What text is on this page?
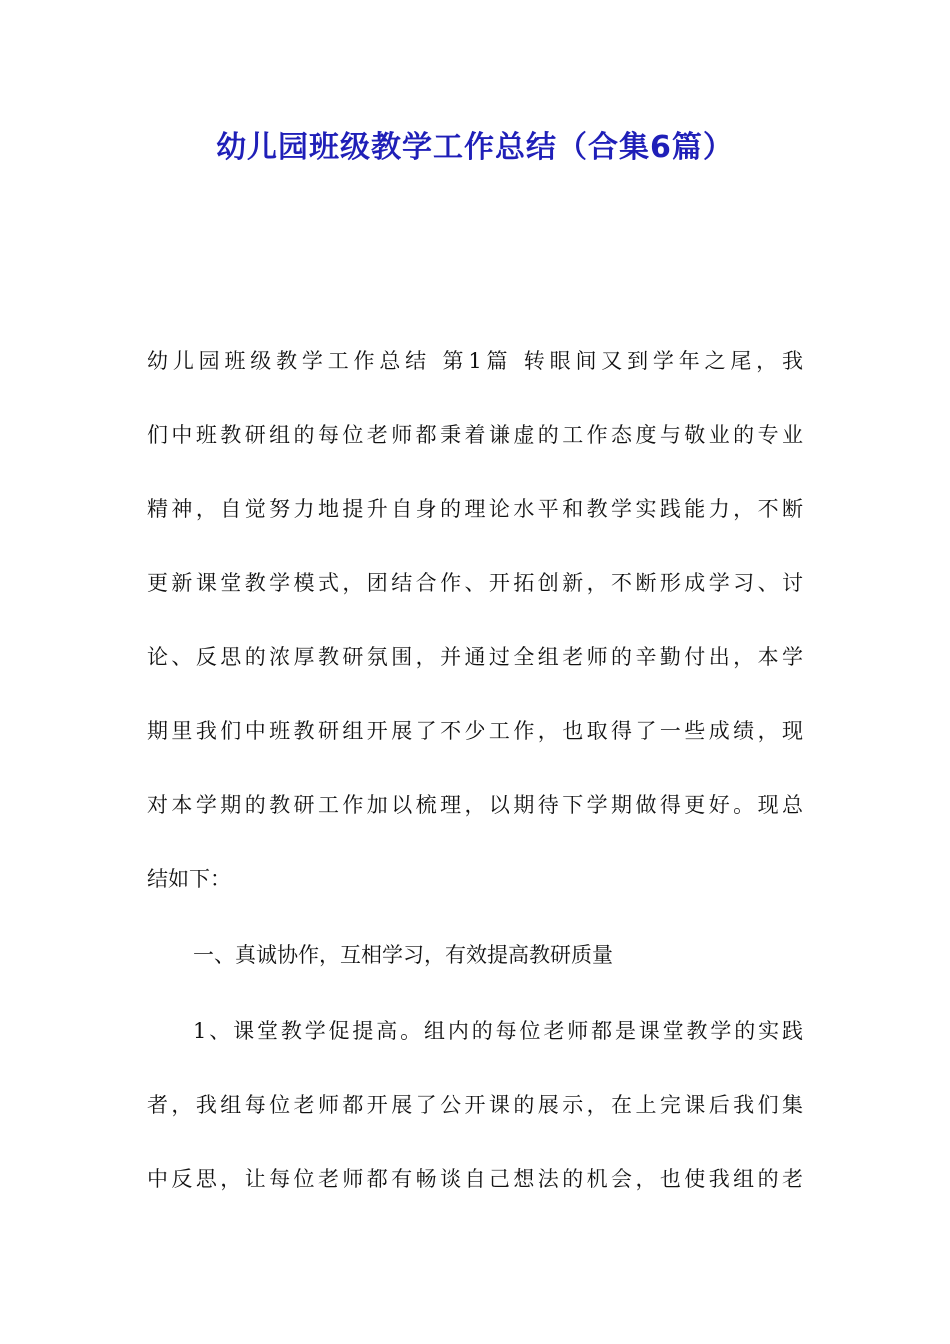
幼儿园班级教学工作总结（合集6篇）
幼儿园班级教学工作总结 第1篇 转眼间又到学年之尾，我
们中班教研组的每位老师都秉着谦虚的工作态度与敬业的专业
精神，自觉努力地提升自身的理论水平和教学实践能力，不断
更新课堂教学模式，团结合作、开拓创新，不断形成学习、讨
论、反思的浓厚教研氛围，并通过全组老师的辛勤付出，本学
期里我们中班教研组开展了不少工作，也取得了一些成绩，现
对本学期的教研工作加以梳理，以期待下学期做得更好。现总
结如下：
一、真诚协作，互相学习，有效提高教研质量
1、课堂教学促提高。组内的每位老师都是课堂教学的实践
者，我组每位老师都开展了公开课的展示，在上完课后我们集
中反思，让每位老师都有畅谈自己想法的机会，也使我组的老
